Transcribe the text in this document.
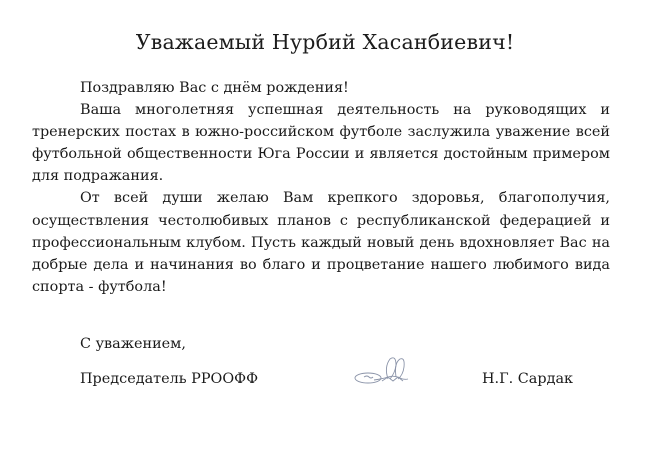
Уважаемый Нурбий Хасанбиевич!

Поздравляю Вас с днём рождения!

Ваша многолетняя успешная деятельность на руководящих и тренерских постах в южно-российском футболе заслужила уважение всей футбольной общественности Юга России и является достойным примером для подражания.

От всей души желаю Вам крепкого здоровья, благополучия, осуществления честолюбивых планов с республиканской федерацией и профессиональным клубом. Пусть каждый новый день вдохновляет Вас на добрые дела и начинания во благо и процветание нашего любимого вида спорта - футбола!

С уважением,
Председатель РРООФФ	Н.Г. Сардак
